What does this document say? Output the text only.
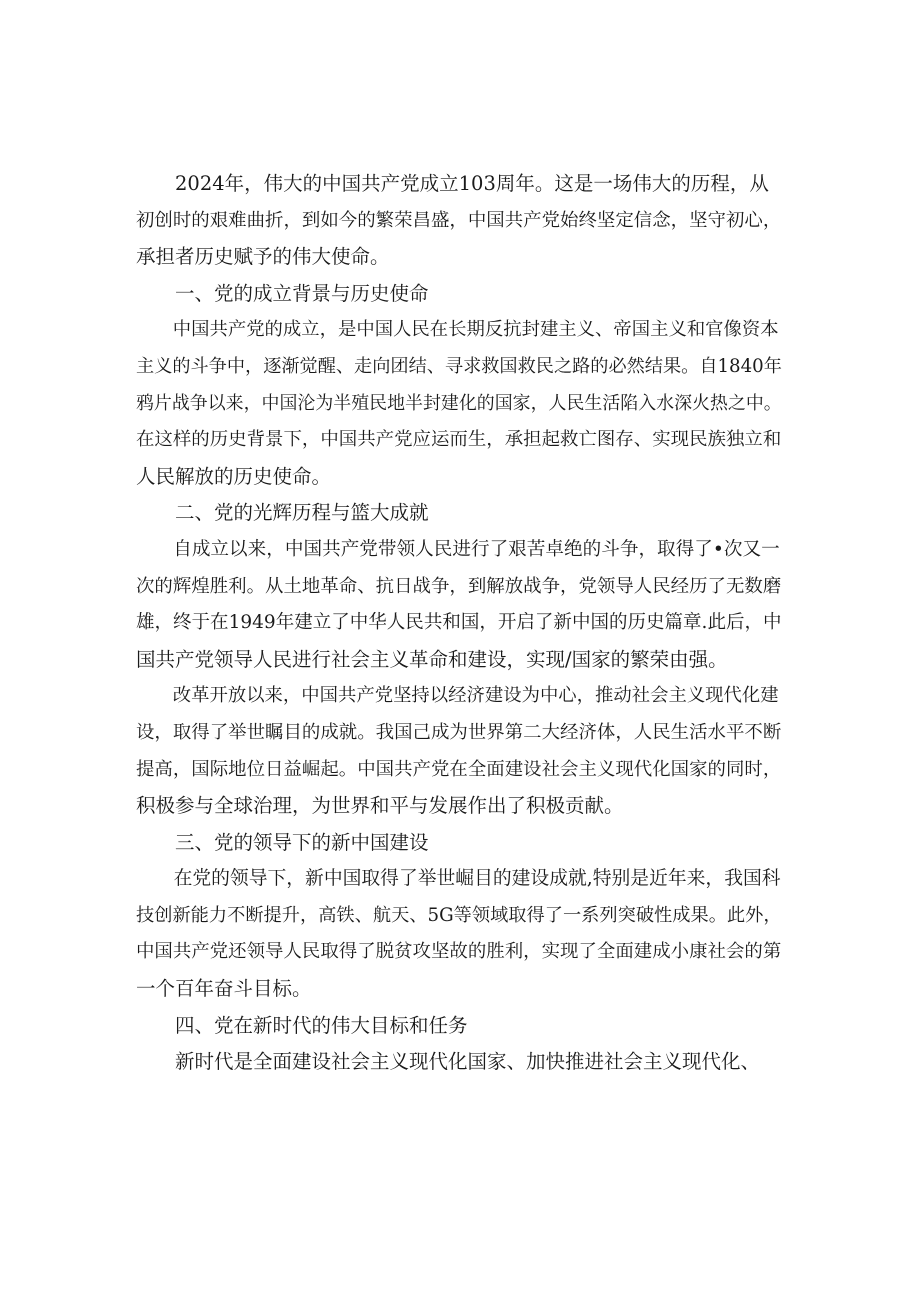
2024年，伟大的中国共产党成立103周年。这是一场伟大的历程，从
初创时的艰难曲折，到如今的繁荣昌盛，中国共产党始终坚定信念，坚守初心，
承担者历史赋予的伟大使命。
一、党的成立背景与历史使命
中国共产党的成立，是中国人民在长期反抗封建主义、帝国主义和官像资本
主义的斗争中，逐渐觉醒、走向团结、寻求救国救民之路的必然结果。自1840年
鸦片战争以来，中国沦为半殖民地半封建化的国家，人民生活陷入水深火热之中。
在这样的历史背景下，中国共产党应运而生，承担起救亡图存、实现民族独立和
人民解放的历史使命。
二、党的光辉历程与篮大成就
自成立以来，中国共产党带领人民进行了艰苦卓绝的斗争，取得了•次又一
次的辉煌胜利。从土地革命、抗日战争，到解放战争，党领导人民经历了无数磨
雄，终于在1949年建立了中华人民共和国，开启了新中国的历史篇章.此后，中
国共产党领导人民进行社会主义革命和建设，实现/国家的繁荣由强。
改革开放以来，中国共产党坚持以经济建设为中心，推动社会主义现代化建
设，取得了举世瞩目的成就。我国己成为世界第二大经济体，人民生活水平不断
提高，国际地位日益崛起。中国共产党在全面建设社会主义现代化国家的同时，
积极参与全球治理，为世界和平与发展作出了积极贡献。
三、党的领导下的新中国建设
在党的领导下，新中国取得了举世崛目的建设成就,特别是近年来，我国科
技创新能力不断提升，高铁、航天、5G等领域取得了一系列突破性成果。此外，
中国共产党还领导人民取得了脱贫攻坚故的胜利，实现了全面建成小康社会的第
一个百年奋斗目标。
四、党在新时代的伟大目标和任务
新时代是全面建设社会主义现代化国家、加快推进社会主义现代化、
